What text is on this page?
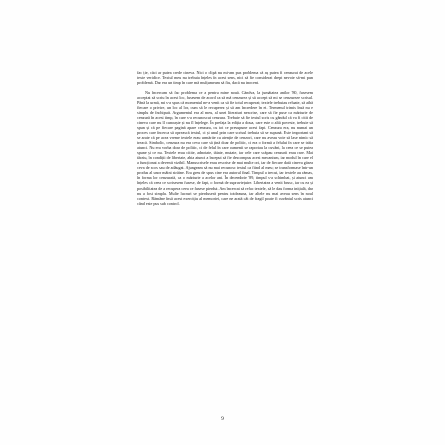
fac ție, căci ar putea crede cineva. Nici o clipă nu mi-am pus problema că aș putea fi cenzurat de acele texte veridice. Textul meu nu trebuia înțeles în acest sens, nici să fie considerat drept nevoie să-mi pun problemă. Dar era un timp în care mă mulțumeam să fiu, dacă nu inocent.

Nu încercam să fac problema ce a pentru mine nouă. Căndva, la jumătatea anilor '80, fusesem acceptat să scriu în acest loc, fusesem de acord ca să mă cenzurez și să accept să mi se cenzureze scrisul. Până la urmă, mi s-a spus că momentul ne-a venit ca să fie totul recuperat; textele trebuiau reluate, să aibă fiecare o privire, un loc al lor, cum să le recuperez și să am încredere în ei. Termenul trimis însă nu e simplu de închipuit. Argumentul era al meu, al unei literaturi nescrise, care să fie puse ca mărturie de cenzură în acest timp, în care s-a recunoscut cenzura. Trebuie să fie textul scris cu gândul că va fi citit de cineva care nu îl cunoaște și nu îl înțelege. În prefața la ediția a doua, care este o altă poveste, trebuie să spun și că pe fiecare pagină apare cenzura, cu tot ce presupune acest fapt. Cenzura era, nu numai un proces care încerca să oprească textul, ci și unul prin care scrisul trebuia să se supună. Este important să se arate că pe acea vreme textele erau urmărite cu atenție de cenzori, care nu aveau voie să lase nimic să treacă. Simbolic, cenzura nu era ceva care să țină doar de politic, ci era o formă a felului în care se trăia atunci. Nu era vorba doar de politic, ci de felul în care oamenii se raportau la cuvânt, la ceea ce se putea spune și ce nu. Textele erau citite, adnotate, tăiate, mutate, iar cele care scăpau cenzurii erau rare. Mai târziu, în condiții de libertate, abia atunci a început să fie descompus acest mecanism, iar modul în care el a funcționat a devenit vizibil. Manuscrisele erau rescrise de mai multe ori, iar de fiecare dată cineva găsea ceva de scos sau de adăugat. Ajungeam să nu mai recunosc textul ca fiind al meu; se transformase într-un produs al unor mâini străine. Era greu de spus cine era autorul final. Timpul a trecut, iar textele au rămas, în forma lor cenzurată, ca o mărturie a acelor ani. În decembrie '89, timpul s-a schimbat, și atunci am înțeles că ceea ce scrisesem fusese, de fapt, o formă de supraviețuire. Libertatea a venit brusc, iar cu ea și posibilitatea de a recupera ceea ce fusese pierdut. Am încercat să refac textele, să le dau forma inițială, dar nu a fost simplu. Multe lucruri se pierduseră pentru totdeauna, iar altele nu mai aveau sens în noul context. Rămâne însă acest exercițiu al memoriei, care ne arată cât de fragil poate fi cuvântul scris atunci când este pus sub control.

9
